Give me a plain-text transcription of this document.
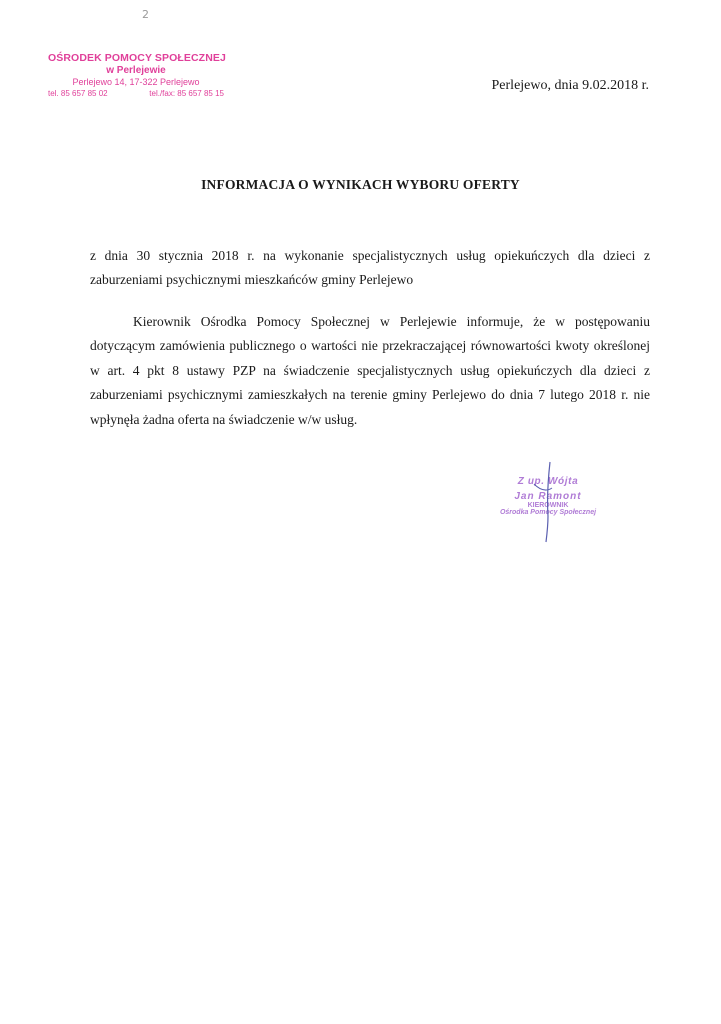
2
OŚRODEK POMOCY SPOŁECZNEJ
w Perlejewie
Perlejewo 14, 17-322 Perlejewo
tel. 85 657 85 02	tel./fax: 85 657 85 15
Perlejewo, dnia 9.02.2018 r.
INFORMACJA O WYNIKACH WYBORU OFERTY
z dnia 30 stycznia 2018 r. na wykonanie specjalistycznych usług opiekuńczych dla dzieci z zaburzeniami psychicznymi mieszkańców gminy Perlejewo
Kierownik Ośrodka Pomocy Społecznej w Perlejewie informuje, że w postępowaniu dotyczącym zamówienia publicznego o wartości nie przekraczającej równowartości kwoty określonej w art. 4 pkt 8 ustawy PZP na świadczenie specjalistycznych usług opiekuńczych dla dzieci z zaburzeniami psychicznymi zamieszkałych na terenie gminy Perlejewo do dnia 7 lutego 2018 r. nie wpłynęła żadna oferta na świadczenie w/w usług.
Z up. Wójta
Jan Ramont
KIEROWNIK
Ośrodka Pomocy Społecznej
